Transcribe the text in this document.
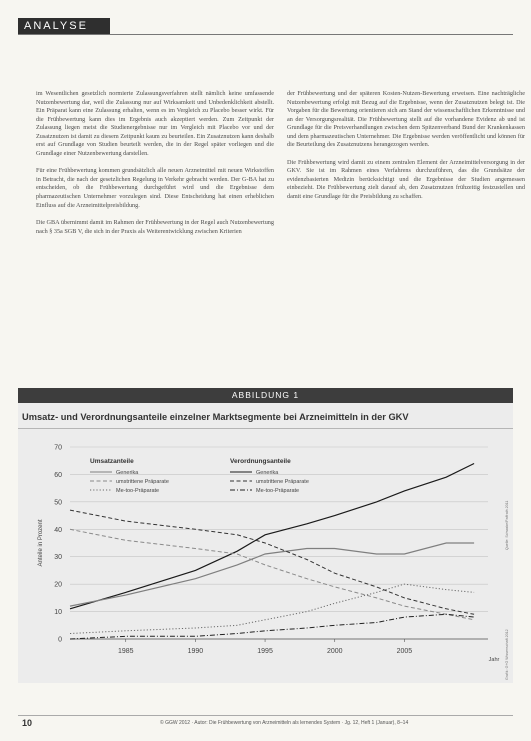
ANALYSE

im Wesentlichen gesetzlich normierte Zulassungsverfahren stellt nämlich keine umfassende Nutzenbewertung dar, weil die Zulassung nur auf Wirksamkeit und Unbedenklichkeit abstellt. Ein Präparat kann eine Zulassung erhalten, wenn es im Vergleich zu Placebo besser wirkt. Für die Frühbewertung kann dies im Ergebnis auch akzeptiert werden. Zum Zeitpunkt der Zulassung liegen meist die Studienergebnisse nur im Vergleich mit Placebo vor und der Zusatznutzen ist damit zu diesem Zeitpunkt kaum zu beurteilen. Ein Zusatznutzen kann deshalb erst auf Grundlage von Studien beurteilt werden, die in der Regel später vorliegen und die Grundlage einer Nutzenbewertung darstellen.

Für eine Frühbewertung kommen grundsätzlich alle neuen Arzneimittel mit neuen Wirkstoffen in Betracht, die nach der gesetzlichen Regelung in Verkehr gebracht werden. Der G-BA hat zu entscheiden, ob die Frühbewertung durchgeführt wird und die Ergebnisse dem pharmazeutischen Unternehmer vorzulegen sind. Diese Entscheidung hat einen erheblichen Einfluss auf die Arzneimittelpreisbildung.

Die GBA übernimmt damit im Rahmen der Frühbewertung in der Regel auch Nutzenbewertung nach § 35a SGB V, die sich in der Praxis als Weiterentwicklung zwischen Kriterien

der Frühbewertung und der späteren Kosten-Nutzen-Bewertung erweisen. Eine nachträgliche Nutzenbewertung erfolgt mit Bezug auf die Ergebnisse, wenn der Zusatznutzen belegt ist. Die Vorgaben für die Bewertung orientieren sich am Stand der wissenschaftlichen Erkenntnisse und an der Versorgungsrealität. Die Frühbewertung stellt auf die vorhandene Evidenz ab und ist Grundlage für die Preisverhandlungen zwischen dem Spitzenverband Bund der Krankenkassen und dem pharmazeutischen Unternehmer. Die Ergebnisse werden veröffentlicht und können für die Beurteilung des Zusatznutzens herangezogen werden.

Die Frühbewertung wird damit zu einem zentralen Element der Arzneimittelversorgung in der GKV. Sie ist im Rahmen eines Verfahrens durchzuführen, das die Grundsätze der evidenzbasierten Medizin berücksichtigt und die Ergebnisse der Studien angemessen einbezieht. Die Frühbewertung zielt darauf ab, den Zusatznutzen frühzeitig festzustellen und damit eine Grundlage für die Preisbildung zu schaffen.

ABBILDUNG 1
Umsatz- und Verordnungsanteile einzelner Marktsegmente bei Arzneimitteln in der GKV
0
10
20
30
40
50
60
70
1985	1990	1995	2000	2005
Anteile in Prozent
Jahr
Umsatzanteile
Generika
umstrittene Präparate
Me-too-Präparate
Verordnungsanteile
Generika
umstrittene Präparate
Me-too-Präparate
Quelle: Schwabe/Paffrath 2011
Grafik: G+G Wissenschaft 2012
10	© GGW 2012 · Autor: Die Frühbewertung von Arzneimitteln als lernendes System · Jg. 12, Heft 1 (Januar), 8–14
